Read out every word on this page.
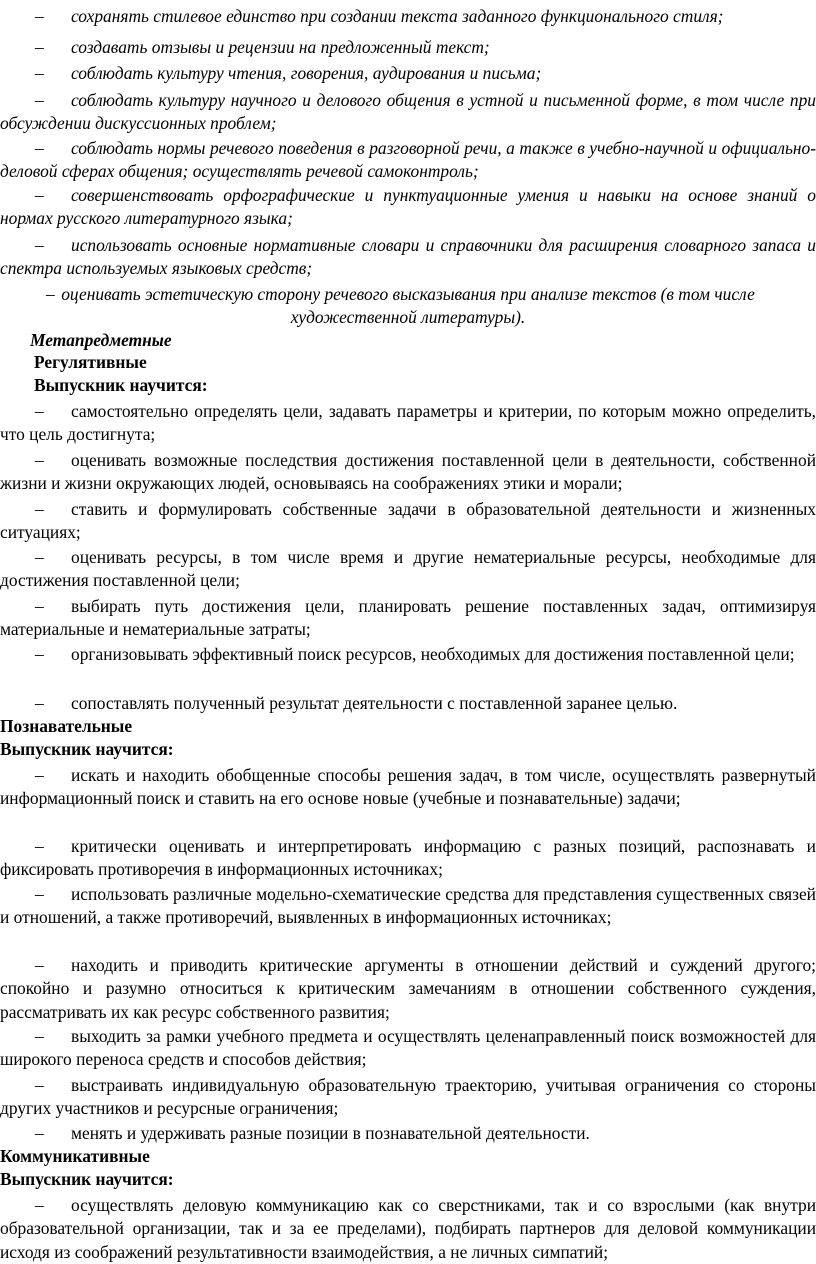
–	сохранять стилевое единство при создании текста заданного функционального стиля;

–	создавать отзывы и рецензии на предложенный текст;

–	соблюдать культуру чтения, говорения, аудирования и письма;

–	соблюдать культуру научного и делового общения в устной и письменной форме, в том числе при обсуждении дискуссионных проблем;

–	соблюдать нормы речевого поведения в разговорной речи, а также в учебно-научной и официально-деловой сферах общения; осуществлять речевой самоконтроль;

–	совершенствовать орфографические и пунктуационные умения и навыки на основе знаний о нормах русского литературного языка;

–	использовать основные нормативные словари и справочники для расширения словарного запаса и спектра используемых языковых средств;

– оценивать эстетическую сторону речевого высказывания при анализе текстов (в том числе художественной литературы).

Метапредметные

Регулятивные

Выпускник научится:

–	самостоятельно определять цели, задавать параметры и критерии, по которым можно определить, что цель достигнута;

–	оценивать возможные последствия достижения поставленной цели в деятельности, собственной жизни и жизни окружающих людей, основываясь на соображениях этики и морали;

–	ставить и формулировать собственные задачи в образовательной деятельности и жизненных ситуациях;

–	оценивать ресурсы, в том числе время и другие нематериальные ресурсы, необходимые для достижения поставленной цели;

–	выбирать путь достижения цели, планировать решение поставленных задач, оптимизируя материальные и нематериальные затраты;

–	организовывать эффективный поиск ресурсов, необходимых для достижения поставленной цели;

–	сопоставлять полученный результат деятельности с поставленной заранее целью.

Познавательные

Выпускник научится:

–	искать и находить обобщенные способы решения задач, в том числе, осуществлять развернутый информационный поиск и ставить на его основе новые (учебные и познавательные) задачи;

–	критически оценивать и интерпретировать информацию с разных позиций, распознавать и фиксировать противоречия в информационных источниках;

–	использовать различные модельно-схематические средства для представления существенных связей и отношений, а также противоречий, выявленных в информационных источниках;

–	находить и приводить критические аргументы в отношении действий и суждений другого; спокойно и разумно относиться к критическим замечаниям в отношении собственного суждения, рассматривать их как ресурс собственного развития;

–	выходить за рамки учебного предмета и осуществлять целенаправленный поиск возможностей для широкого переноса средств и способов действия;

–	выстраивать индивидуальную образовательную траекторию, учитывая ограничения со стороны других участников и ресурсные ограничения;

–	менять и удерживать разные позиции в познавательной деятельности.

Коммуникативные

Выпускник научится:

–	осуществлять деловую коммуникацию как со сверстниками, так и со взрослыми (как внутри образовательной организации, так и за ее пределами), подбирать партнеров для деловой коммуникации исходя из соображений результативности взаимодействия, а не личных симпатий;
